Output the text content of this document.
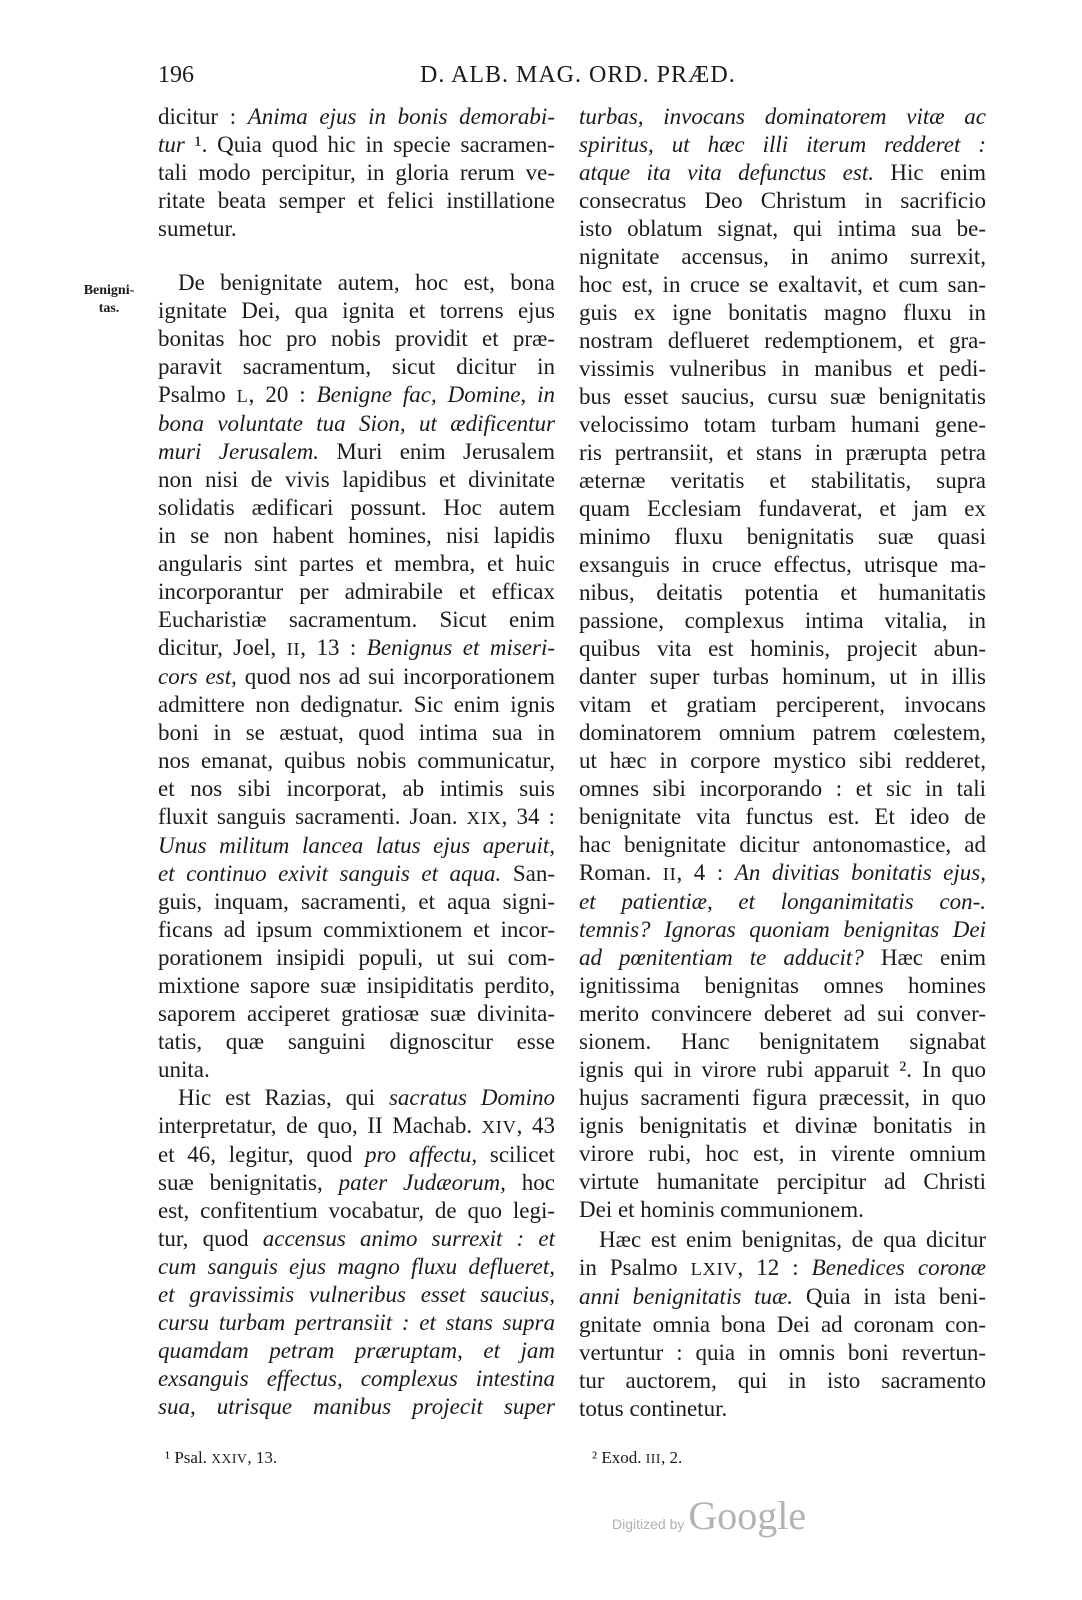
196	D. ALB. MAG. ORD. PRÆD.
Benigni-
tas.
dicitur : Anima ejus in bonis demorabi-
tur ¹. Quia quod hic in specie sacramen-
tali modo percipitur, in gloria rerum ve-
ritate beata semper et felici instillatione
sumetur.
De benignitate autem, hoc est, bona
ignitate Dei, qua ignita et torrens ejus
bonitas hoc pro nobis providit et præ-
paravit sacramentum, sicut dicitur in
Psalmo L, 20 : Benigne fac, Domine, in
bona voluntate tua Sion, ut ædificentur
muri Jerusalem. Muri enim Jerusalem
non nisi de vivis lapidibus et divinitate
solidatis ædificari possunt. Hoc autem
in se non habent homines, nisi lapidis
angularis sint partes et membra, et huic
incorporantur per admirabile et efficax
Eucharistiæ sacramentum. Sicut enim
dicitur, Joel, II, 13 : Benignus et miseri-
cors est, quod nos ad sui incorporationem
admittere non dedignatur. Sic enim ignis
boni in se æstuat, quod intima sua in
nos emanat, quibus nobis communicatur,
et nos sibi incorporat, ab intimis suis
fluxit sanguis sacramenti. Joan. XIX, 34 :
Unus militum lancea latus ejus aperuit,
et continuo exivit sanguis et aqua. San-
guis, inquam, sacramenti, et aqua signi-
ficans ad ipsum commixtionem et incor-
porationem insipidi populi, ut sui com-
mixtione sapore suæ insipiditatis perdito,
saporem acciperet gratiosæ suæ divinita-
tatis, quæ sanguini dignoscitur esse
unita.
Hic est Razias, qui sacratus Domino
interpretatur, de quo, II Machab. XIV, 43
et 46, legitur, quod pro affectu, scilicet
suæ benignitatis, pater Judæorum, hoc
est, confitentium vocabatur, de quo legi-
tur, quod accensus animo surrexit : et
cum sanguis ejus magno fluxu deflueret,
et gravissimis vulneribus esset saucius,
cursu turbam pertransiit : et stans supra
quamdam petram præruptam, et jam
exsanguis effectus, complexus intestina
sua, utrisque manibus projecit super
turbas, invocans dominatorem vitæ ac
spiritus, ut hæc illi iterum redderet :
atque ita vita defunctus est. Hic enim
consecratus Deo Christum in sacrificio
isto oblatum signat, qui intima sua be-
nignitate accensus, in animo surrexit,
hoc est, in cruce se exaltavit, et cum san-
guis ex igne bonitatis magno fluxu in
nostram deflueret redemptionem, et gra-
vissimis vulneribus in manibus et pedi-
bus esset saucius, cursu suæ benignitatis
velocissimo totam turbam humani gene-
ris pertransiit, et stans in prærupta petra
æternæ veritatis et stabilitatis, supra
quam Ecclesiam fundaverat, et jam ex
minimo fluxu benignitatis suæ quasi
exsanguis in cruce effectus, utrisque ma-
nibus, deitatis potentia et humanitatis
passione, complexus intima vitalia, in
quibus vita est hominis, projecit abun-
danter super turbas hominum, ut in illis
vitam et gratiam perciperent, invocans
dominatorem omnium patrem cœlestem,
ut hæc in corpore mystico sibi redderet,
omnes sibi incorporando : et sic in tali
benignitate vita functus est. Et ideo de
hac benignitate dicitur antonomastice, ad
Roman. II, 4 : An divitias bonitatis ejus,
et patientiæ, et longanimitatis con-.
temnis? Ignoras quoniam benignitas Dei
ad pœnitentiam te adducit? Hæc enim
ignitissima benignitas omnes homines
merito convincere deberet ad sui conver-
sionem. Hanc benignitatem signabat
ignis qui in virore rubi apparuit ². In quo
hujus sacramenti figura præcessit, in quo
ignis benignitatis et divinæ bonitatis in
virore rubi, hoc est, in virente omnium
virtute humanitate percipitur ad Christi
Dei et hominis communionem.
Hæc est enim benignitas, de qua dicitur
in Psalmo LXIV, 12 : Benedices coronæ
anni benignitatis tuæ. Quia in ista beni-
gnitate omnia bona Dei ad coronam con-
vertuntur : quia in omnis boni revertun-
tur auctorem, qui in isto sacramento
totus continetur.
¹ Psal. XXIV, 13.	² Exod. III, 2.
Digitized by Google
